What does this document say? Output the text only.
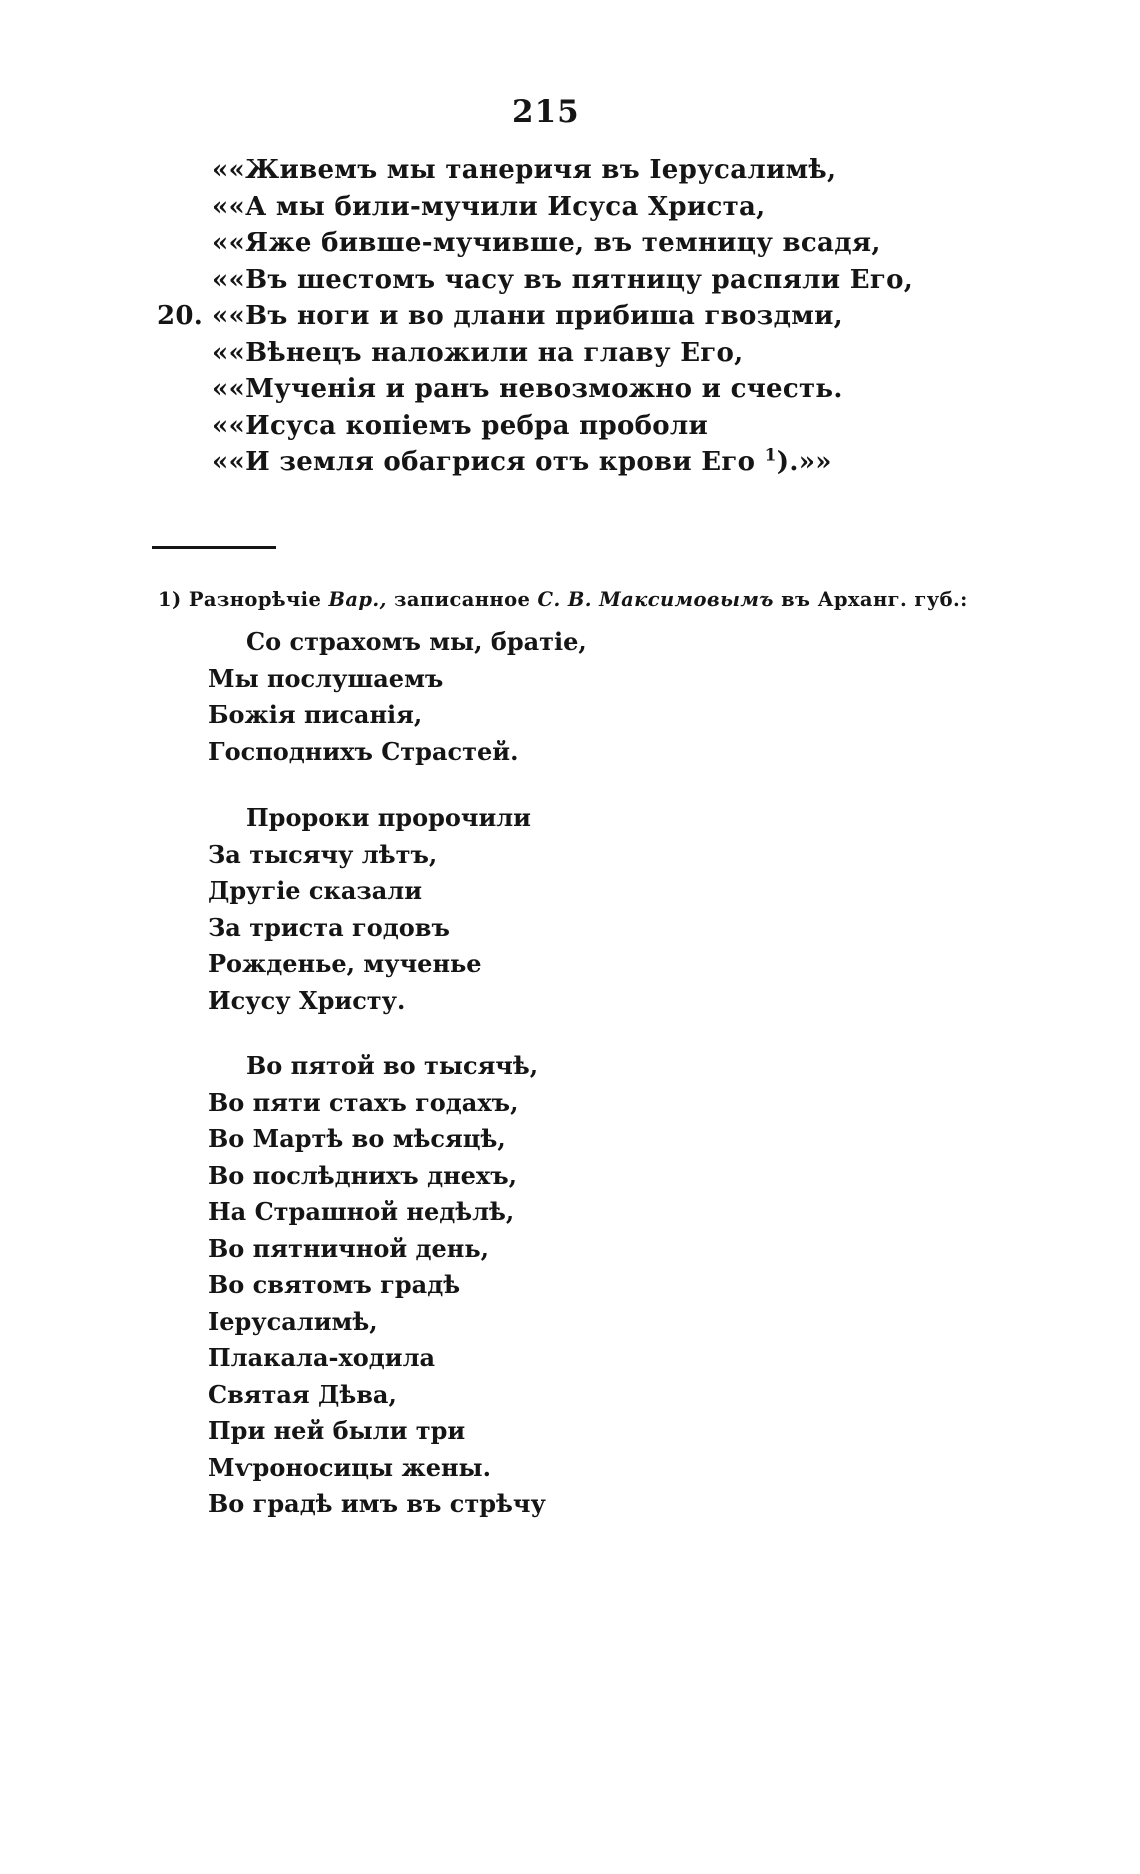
215
««Живемъ мы танеричя въ Іерусалимѣ,
««А мы били-мучили Исуса Христа,
««Яже бивше-мучивше, въ темницу всадя,
««Въ шестомъ часу въ пятницу распяли Его,
20. ««Въ ноги и во длани прибиша гвоздми,
««Вѣнецъ наложили на главу Его,
««Мученія и ранъ невозможно и счесть.
««Исуса копіемъ ребра проболи
««И земля обагрися отъ крови Его $^1$).»»
1) Разнорѣчіе Вар., записанное С. В. Максимовымъ въ Арханг. губ.:
Со страхомъ мы, братіе,
Мы послушаемъ
Божія писанія,
Господнихъ Страстей.
Пророки пророчили
За тысячу лѣтъ,
Другіе сказали
За триста годовъ
Рожденье, мученье
Исусу Христу.
Во пятой во тысячѣ,
Во пяти стахъ годахъ,
Во Мартѣ во мѣсяцѣ,
Во послѣднихъ днехъ,
На Страшной недѣлѣ,
Во пятничной день,
Во святомъ градѣ
Іерусалимѣ,
Плакала-ходила
Святая Дѣва,
При ней были три
Мѵроносицы жены.
Во градѣ имъ въ стрѣчу
